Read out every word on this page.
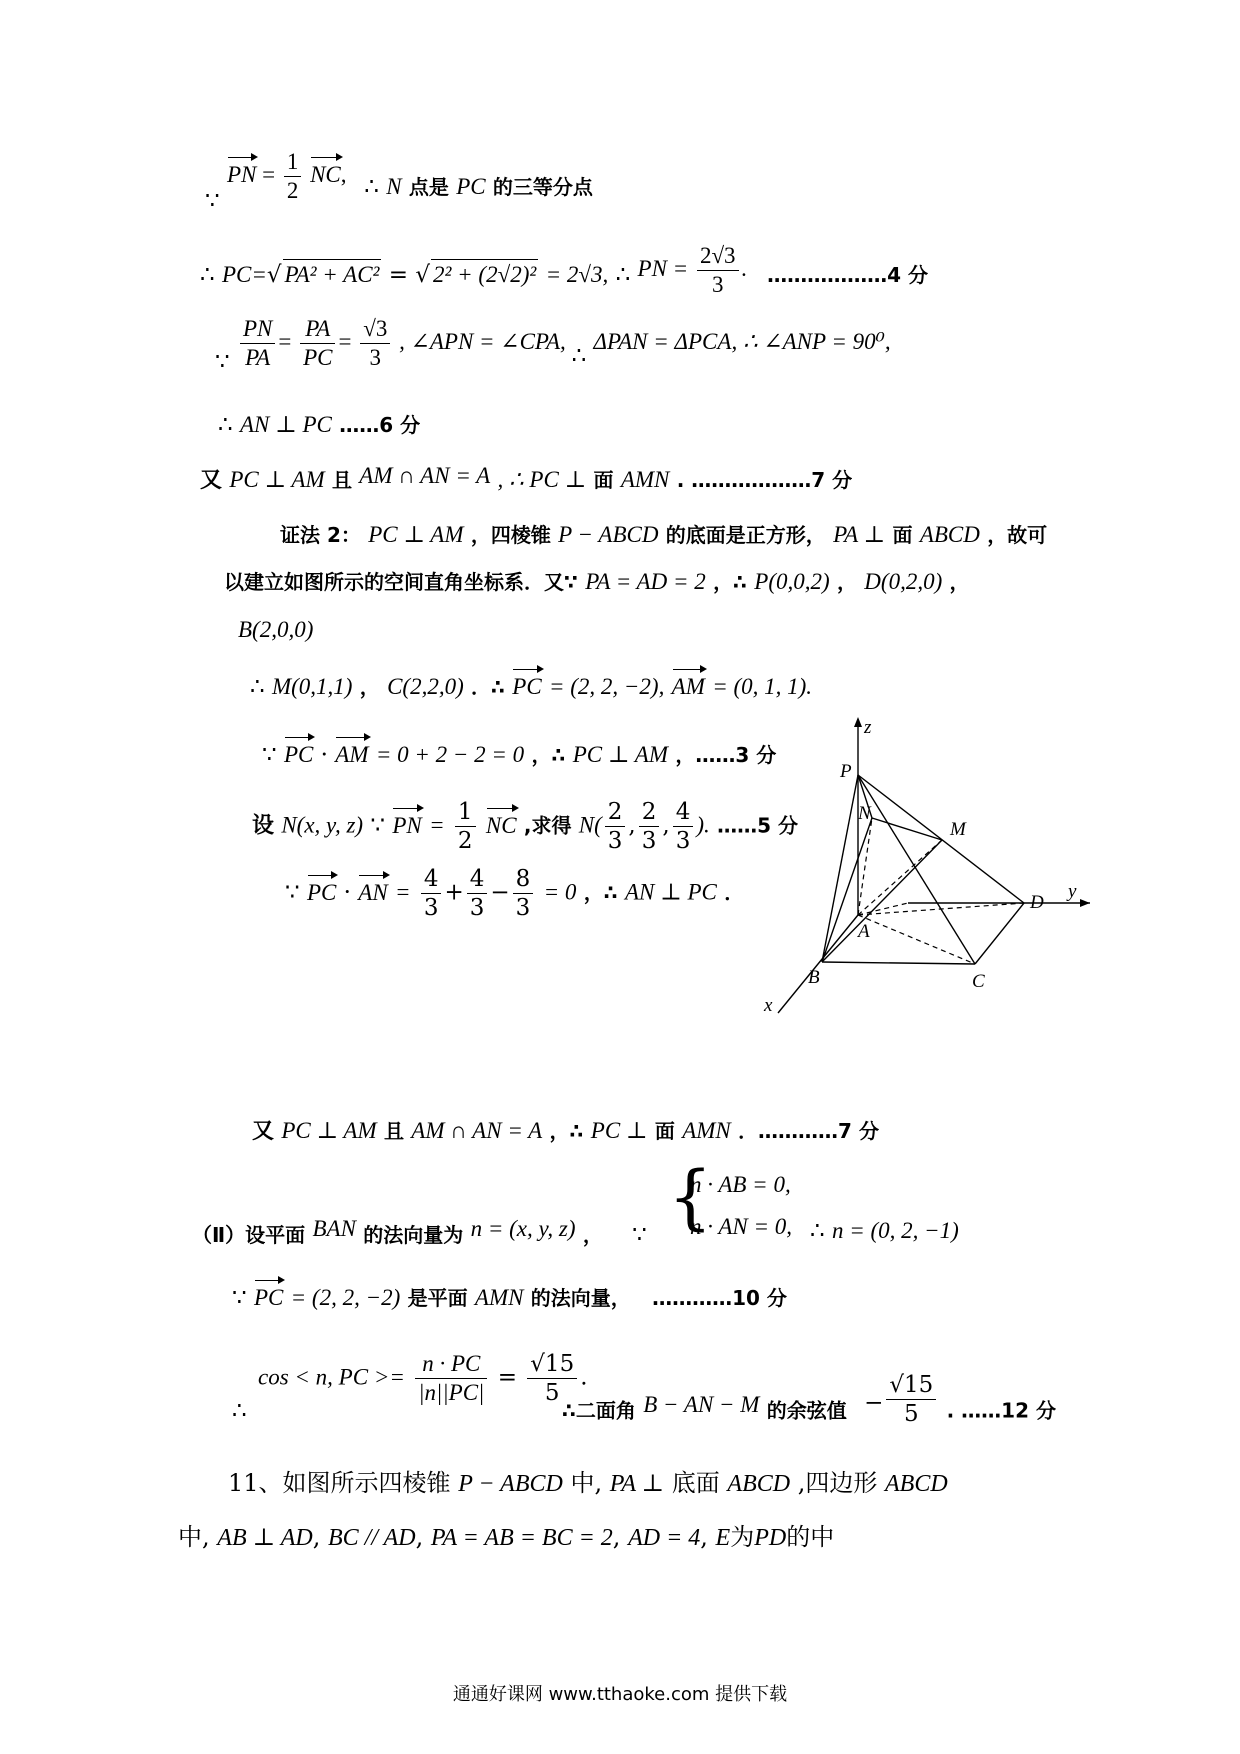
∵ PN = $\frac{1}{2}$ NC, ∴ N 点是 PC 的三等分点
∴ PC=√ PA² + AC² = √ 2² + (2√2)² = 2√3, ∴ PN = $\frac{2√3}{3}$ . ………………4 分
∵ $\frac{PN}{PA} = \frac{PA}{PC} = \frac{√3}{3}$ , ∠APN = ∠CPA, ∴ ΔPAN = ΔPCA, ∴ ∠ANP = 90⁰,
∴ AN ⊥ PC ……6 分
又 PC ⊥ AM 且 AM ∩ AN = A , ∴ PC ⊥ 面 AMN . ………………7 分
证法 2： PC ⊥ AM ，四棱锥 P − ABCD 的底面是正方形， PA ⊥ 面 ABCD ，故可
以建立如图所示的空间直角坐标系．又∵ PA = AD = 2 ，∴ P(0,0,2) ， D(0,2,0) ，
B(2,0,0)
∴ M(0,1,1) ， C(2,2,0) ．∴ PC = (2, 2, −2), AM = (0, 1, 1).
∵ PC · AM = 0 + 2 − 2 = 0 ，∴ PC ⊥ AM ，……3 分
设 N(x, y, z) ∵ PN = $\frac{1}{2}$ NC ,求得 $N( \frac{2}{3}$ , $\frac{2}{3}$ , $\frac{4}{3}$ ). ……5 分
∵ PC · AN = $\frac{4}{3} + \frac{4}{3} - \frac{8}{3} = 0$ ，∴ AN ⊥ PC ．
z
y
x
P
N
M
A
D
B	C
又 PC ⊥ AM 且 AM ∩ AN = A ，∴ PC ⊥ 面 AMN ．…………7 分
{
n · AB = 0,
n · AN = 0,
（Ⅱ）设平面 BAN 的法向量为 n = (x, y, z) ， ∵	∴ n = (0, 2, −1)
∵ PC = (2, 2, −2) 是平面 AMN 的法向量， …………10 分
cos < n, PC >= $\frac{n \cdot PC}{|n||PC|} = \frac{√15}{5}$ .
∴	∴二面角 B − AN − M 的余弦值 − $\frac{√15}{5}$ . ……12 分
11、如图所示四棱锥 P − ABCD 中, PA ⊥ 底面 ABCD ,四边形 ABCD
中, AB ⊥ AD, BC // AD, PA = AB = BC = 2, AD = 4, E为PD的中
通通好课网 www.tthaoke.com 提供下载
